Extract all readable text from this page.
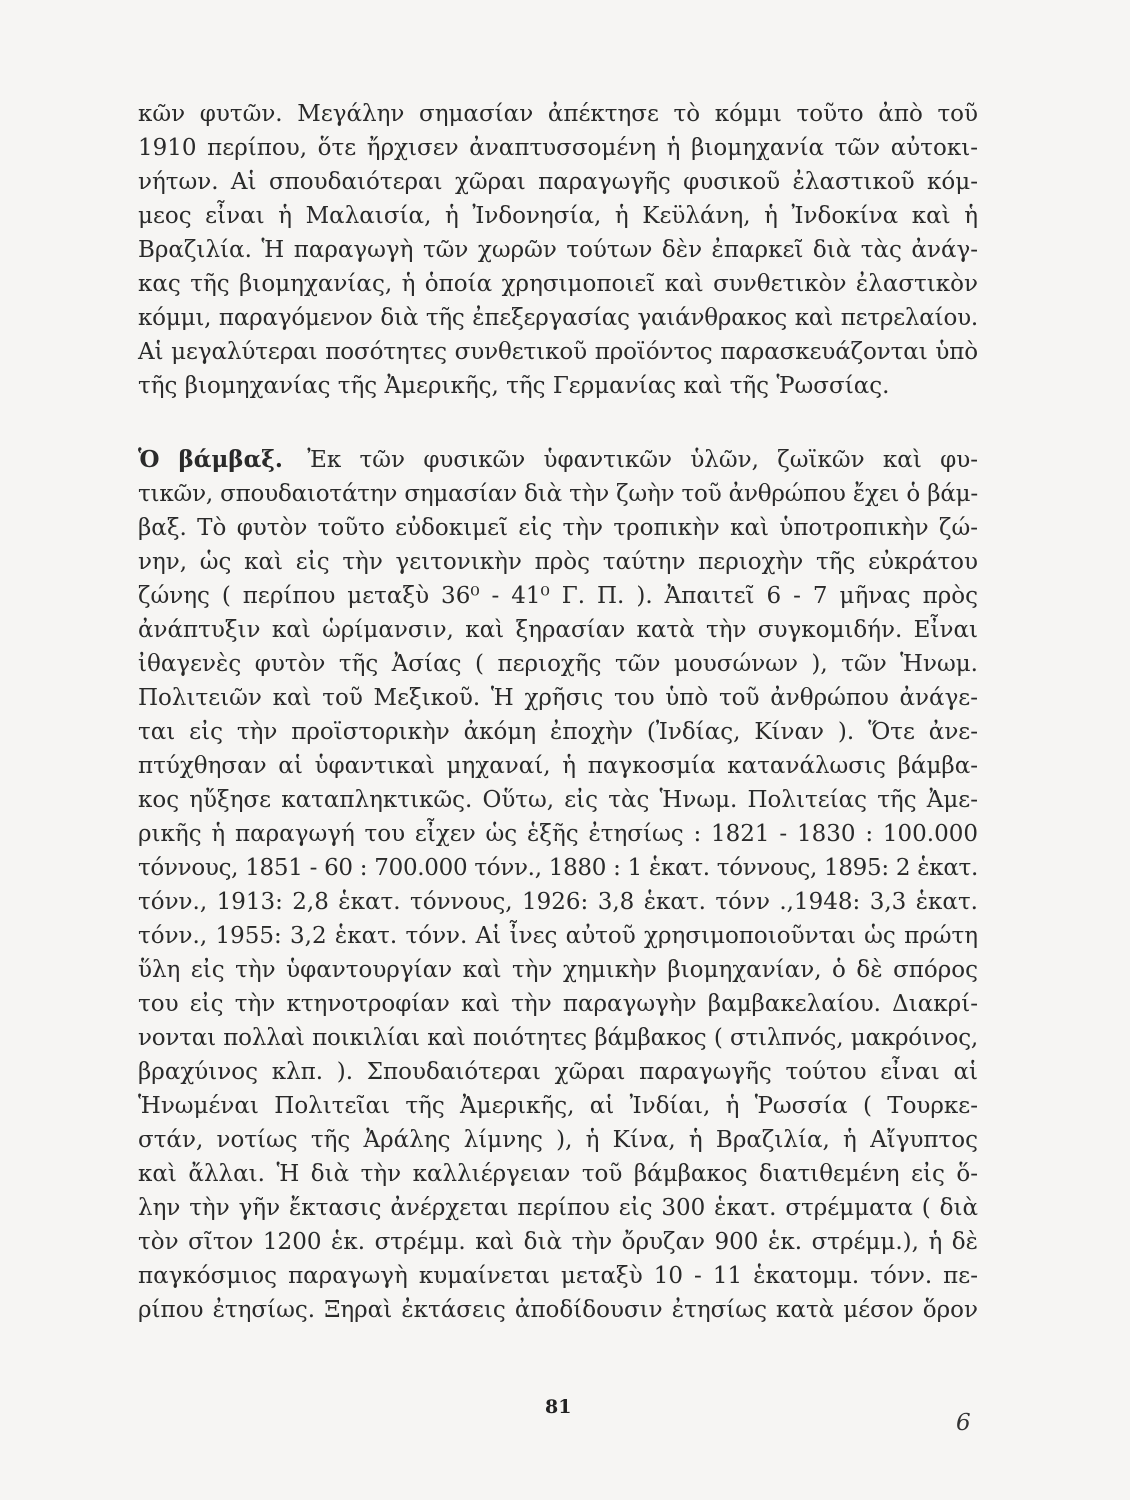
κῶν φυτῶν. Μεγάλην σημασίαν ἀπέκτησε τὸ κόμμι τοῦτο ἀπὸ τοῦ
1910 περίπου, ὅτε ἤρχισεν ἀναπτυσσομένη ἡ βιομηχανία τῶν αὐτοκι-
νήτων. Αἱ σπουδαιότεραι χῶραι παραγωγῆς φυσικοῦ ἐλαστικοῦ κόμ-
μεος εἶναι ἡ Μαλαισία, ἡ Ἰνδονησία, ἡ Κεϋλάνη, ἡ Ἰνδοκίνα καὶ ἡ
Βραζιλία. Ἡ παραγωγὴ τῶν χωρῶν τούτων δὲν ἐπαρκεῖ διὰ τὰς ἀνάγ-
κας τῆς βιομηχανίας, ἡ ὁποία χρησιμοποιεῖ καὶ συνθετικὸν ἐλαστικὸν
κόμμι, παραγόμενον διὰ τῆς ἐπεξεργασίας γαιάνθρακος καὶ πετρελαίου.
Αἱ μεγαλύτεραι ποσότητες συνθετικοῦ προϊόντος παρασκευάζονται ὑπὸ
τῆς βιομηχανίας τῆς Ἀμερικῆς, τῆς Γερμανίας καὶ τῆς Ῥωσσίας.
Ὁ βάμβαξ. Ἐκ τῶν φυσικῶν ὑφαντικῶν ὑλῶν, ζωϊκῶν καὶ φυ-
τικῶν, σπουδαιοτάτην σημασίαν διὰ τὴν ζωὴν τοῦ ἀνθρώπου ἔχει ὁ βάμ-
βαξ. Τὸ φυτὸν τοῦτο εὐδοκιμεῖ εἰς τὴν τροπικὴν καὶ ὑποτροπικὴν ζώ-
νην, ὡς καὶ εἰς τὴν γειτονικὴν πρὸς ταύτην περιοχὴν τῆς εὐκράτου
ζώνης ( περίπου μεταξὺ 36⁰ - 41⁰ Γ. Π. ). Ἀπαιτεῖ 6 - 7 μῆνας πρὸς
ἀνάπτυξιν καὶ ὡρίμανσιν, καὶ ξηρασίαν κατὰ τὴν συγκομιδήν. Εἶναι
ἰθαγενὲς φυτὸν τῆς Ἀσίας ( περιοχῆς τῶν μουσώνων ), τῶν Ἡνωμ.
Πολιτειῶν καὶ τοῦ Μεξικοῦ. Ἡ χρῆσις του ὑπὸ τοῦ ἀνθρώπου ἀνάγε-
ται εἰς τὴν προϊστορικὴν ἀκόμη ἐποχὴν (Ἰνδίας, Κίναν ). Ὅτε ἀνε-
πτύχθησαν αἱ ὑφαντικαὶ μηχαναί, ἡ παγκοσμία κατανάλωσις βάμβα-
κος ηὔξησε καταπληκτικῶς. Οὕτω, εἰς τὰς Ἡνωμ. Πολιτείας τῆς Ἀμε-
ρικῆς ἡ παραγωγή του εἶχεν ὡς ἑξῆς ἐτησίως : 1821 - 1830 : 100.000
τόννους, 1851 - 60 : 700.000 τόνν., 1880 : 1 ἑκατ. τόννους, 1895: 2 ἑκατ.
τόνν., 1913: 2,8 ἑκατ. τόννους, 1926: 3,8 ἑκατ. τόνν .,1948: 3,3 ἑκατ.
τόνν., 1955: 3,2 ἑκατ. τόνν. Αἱ ἶνες αὐτοῦ χρησιμοποιοῦνται ὡς πρώτη
ὕλη εἰς τὴν ὑφαντουργίαν καὶ τὴν χημικὴν βιομηχανίαν, ὁ δὲ σπόρος
του εἰς τὴν κτηνοτροφίαν καὶ τὴν παραγωγὴν βαμβακελαίου. Διακρί-
νονται πολλαὶ ποικιλίαι καὶ ποιότητες βάμβακος ( στιλπνός, μακρόινος,
βραχύινος κλπ. ). Σπουδαιότεραι χῶραι παραγωγῆς τούτου εἶναι αἱ
Ἡνωμέναι Πολιτεῖαι τῆς Ἀμερικῆς, αἱ Ἰνδίαι, ἡ Ῥωσσία ( Τουρκε-
στάν, νοτίως τῆς Ἀράλης λίμνης ), ἡ Κίνα, ἡ Βραζιλία, ἡ Αἴγυπτος
καὶ ἄλλαι. Ἡ διὰ τὴν καλλιέργειαν τοῦ βάμβακος διατιθεμένη εἰς ὅ-
λην τὴν γῆν ἔκτασις ἀνέρχεται περίπου εἰς 300 ἑκατ. στρέμματα ( διὰ
τὸν σῖτον 1200 ἑκ. στρέμμ. καὶ διὰ τὴν ὄρυζαν 900 ἑκ. στρέμμ.), ἡ δὲ
παγκόσμιος παραγωγὴ κυμαίνεται μεταξὺ 10 - 11 ἑκατομμ. τόνν. πε-
ρίπου ἐτησίως. Ξηραὶ ἐκτάσεις ἀποδίδουσιν ἐτησίως κατὰ μέσον ὅρον
81
6
